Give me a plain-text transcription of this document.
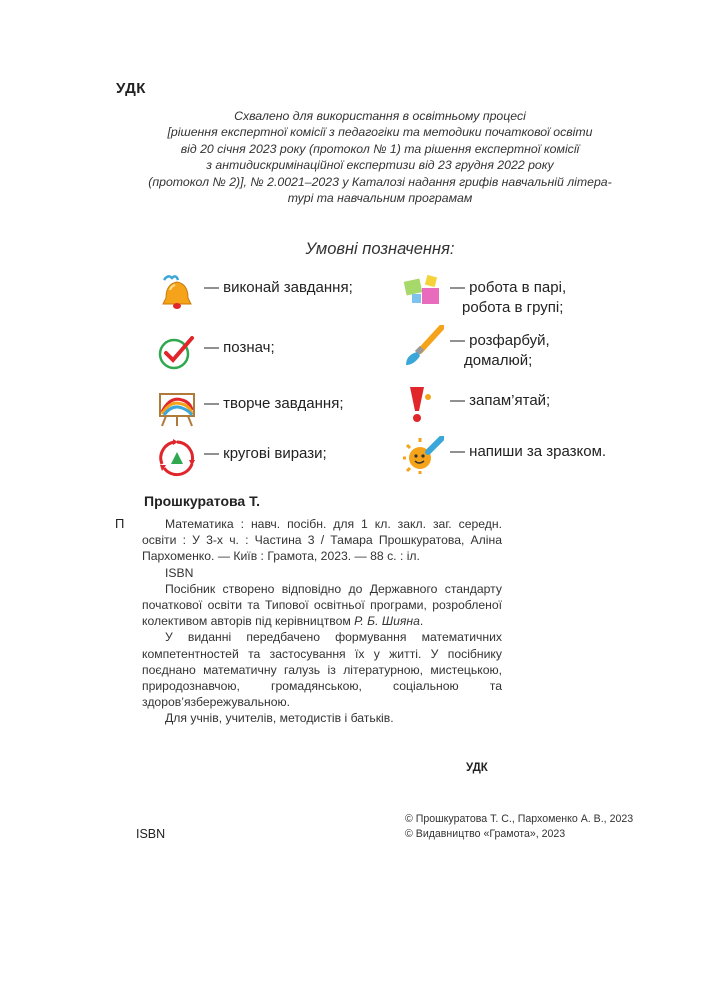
УДК
Схвалено для використання в освітньому процесі
[рішення експертної комісії з педагогіки та методики початкової освіти
від 20 січня 2023 року (протокол № 1) та рішення експертної комісії
з антидискримінаційної експертизи від 23 грудня 2022 року
(протокол № 2)], № 2.0021–2023 у Каталозі надання грифів навчальній літера-
турі та навчальним програмам
Умовні позначення:
— виконай завдання;
— познач;
— творче завдання;
— кругові вирази;
— робота в парі,
робота в групі;
— розфарбуй,
домалюй;
— запам’ятай;
— напиши за зразком.
Прошкуратова Т.
П	Математика : навч. посібн. для 1 кл. закл. заг. середн. освіти : У 3-х ч. : Частина 3 / Тамара Прошкуратова, Аліна Пархоменко. — Київ : Грамота, 2023. — 88 с. : іл.

ISBN

Посібник створено відповідно до Державного стандарту початкової освіти та Типової освітньої програми, розробленої колективом авторів під керівництвом Р. Б. Шияна.

У виданні передбачено формування математичних компетентностей та застосування їх у житті. У посібнику поєднано математичну галузь із літературною, мистецькою, природознавчою, громадянською, соціальною та здоров’язбережувальною.

Для учнів, учителів, методистів і батьків.

УДК
© Прошкуратова Т. С., Пархоменко А. В., 2023
© Видавництво «Грамота», 2023
ISBN
